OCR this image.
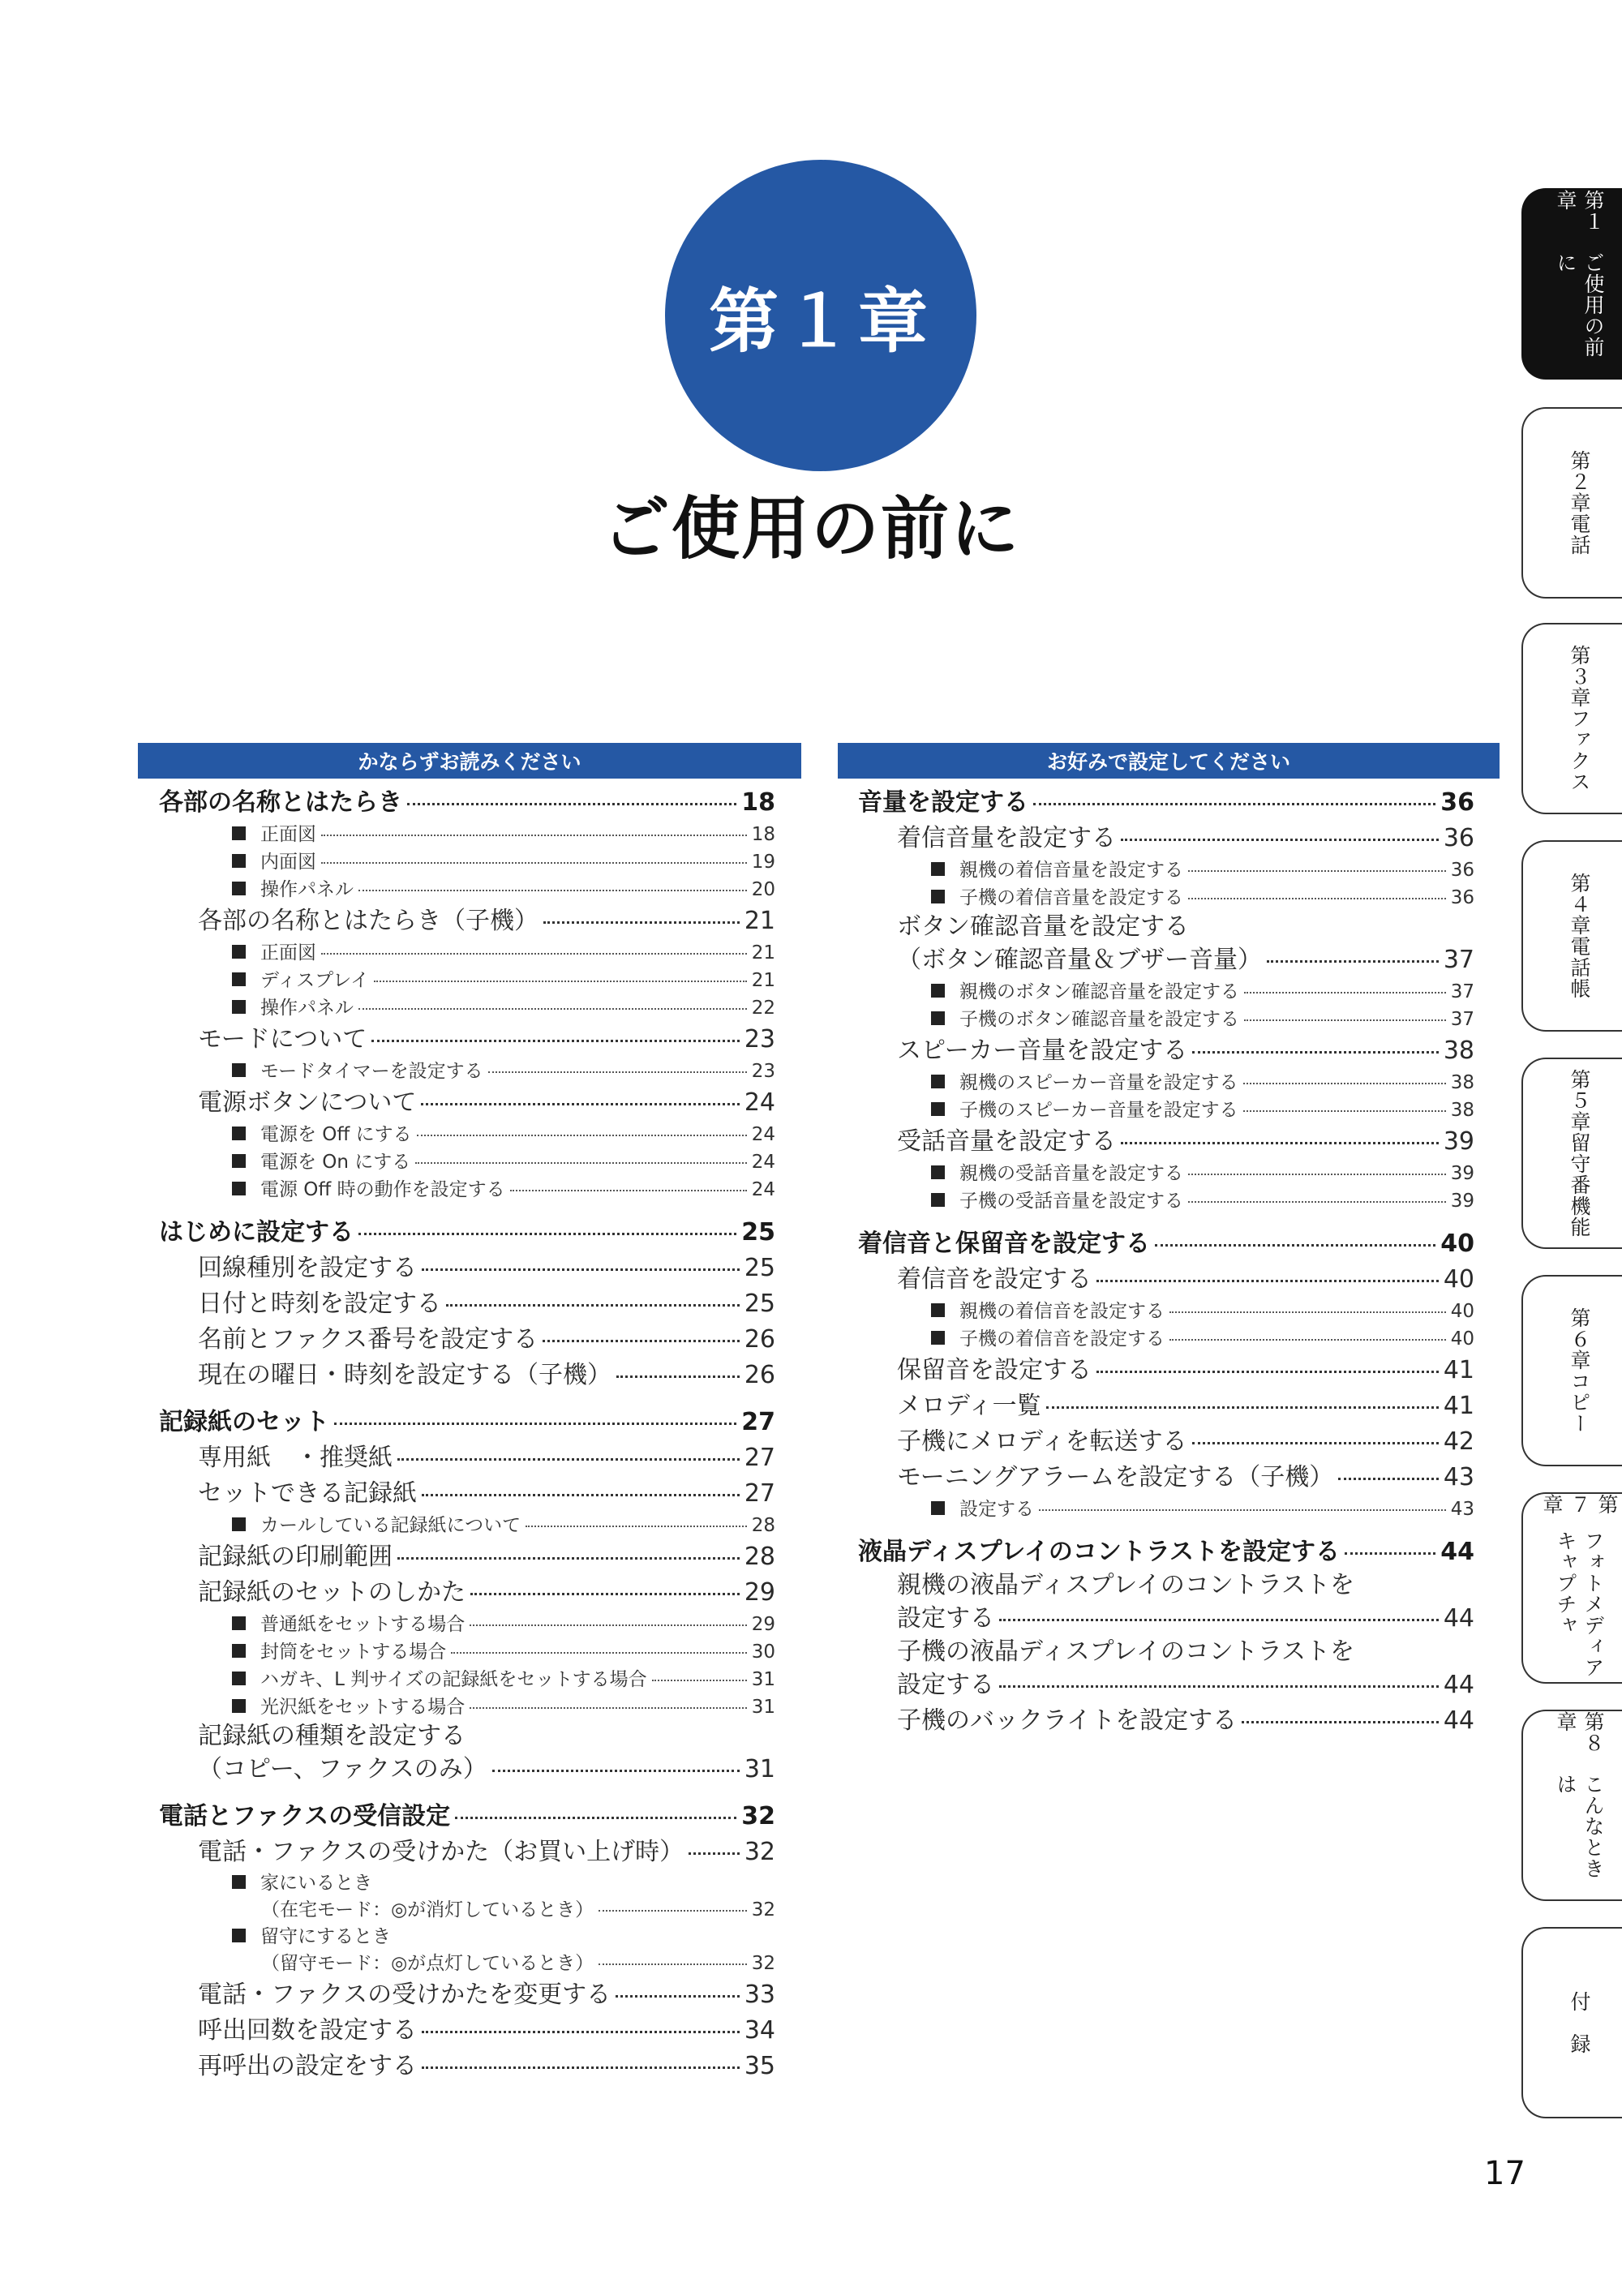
第１章
ご使用の前に
かならずお読みください	お好みで設定してください
各部の名称とはたらき	18
正面図	18
内面図	19
操作パネル	20
各部の名称とはたらき（子機）	21
正面図	21
ディスプレイ	21
操作パネル	22
モードについて	23
モードタイマーを設定する	23
電源ボタンについて	24
電源を Off にする	24
電源を On にする	24
電源 Off 時の動作を設定する	24
はじめに設定する	25
回線種別を設定する	25
日付と時刻を設定する	25
名前とファクス番号を設定する	26
現在の曜日・時刻を設定する（子機）	26
記録紙のセット	27
専用紙　・推奨紙	27
セットできる記録紙	27
カールしている記録紙について	28
記録紙の印刷範囲	28
記録紙のセットのしかた	29
普通紙をセットする場合	29
封筒をセットする場合	30
ハガキ、L 判サイズの記録紙をセットする場合	31
光沢紙をセットする場合	31
記録紙の種類を設定する
（コピー、ファクスのみ）	31
電話とファクスの受信設定	32
電話・ファクスの受けかた（お買い上げ時） 32
家にいるとき
（在宅モード：◎が消灯しているとき）	32
留守にするとき
（留守モード：◎が点灯しているとき）	32
電話・ファクスの受けかたを変更する	33
呼出回数を設定する	34
再呼出の設定をする	35
音量を設定する	36
着信音量を設定する	36
親機の着信音量を設定する	36
子機の着信音量を設定する	36
ボタン確認音量を設定する
（ボタン確認音量＆ブザー音量）	37
親機のボタン確認音量を設定する	37
子機のボタン確認音量を設定する	37
スピーカー音量を設定する	38
親機のスピーカー音量を設定する	38
子機のスピーカー音量を設定する	38
受話音量を設定する	39
親機の受話音量を設定する	39
子機の受話音量を設定する	39
着信音と保留音を設定する	40
着信音を設定する	40
親機の着信音を設定する	40
子機の着信音を設定する	40
保留音を設定する	41
メロディ一覧	41
子機にメロディを転送する	42
モーニングアラームを設定する（子機）	43
設定する	43
液晶ディスプレイのコントラストを設定する	44
親機の液晶ディスプレイのコントラストを
設定する	44
子機の液晶ディスプレイのコントラストを
設定する	44
子機のバックライトを設定する	44
第１章
ご使用の前に
第２章
電話
第３章
ファクス
第４章
電話帳
第５章
留守番機能
第６章
コピー
第７章
フォトメディア キャプチャ
第８章
こんなときは
付　録
17
